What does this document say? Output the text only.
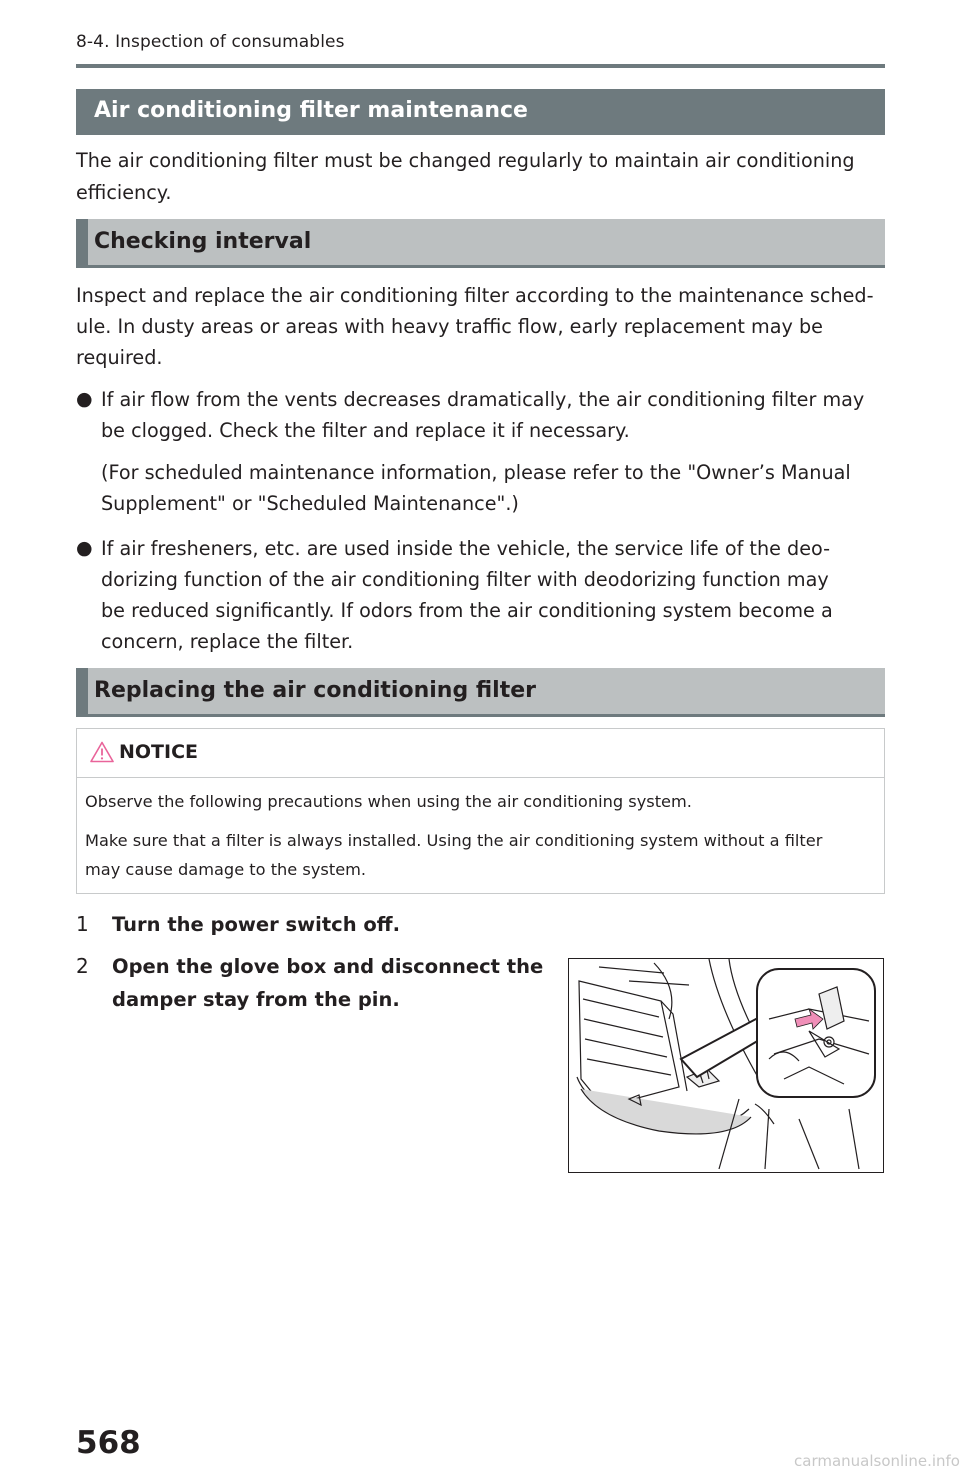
8-4. Inspection of consumables
Air conditioning filter maintenance
The air conditioning filter must be changed regularly to maintain air conditioning
efficiency.
Checking interval
Inspect and replace the air conditioning filter according to the maintenance sched-
ule. In dusty areas or areas with heavy traffic flow, early replacement may be
required.
● If air flow from the vents decreases dramatically, the air conditioning filter may
be clogged. Check the filter and replace it if necessary.
(For scheduled maintenance information, please refer to the "Owner’s Manual
Supplement" or "Scheduled Maintenance".)
● If air fresheners, etc. are used inside the vehicle, the service life of the deo-
dorizing function of the air conditioning filter with deodorizing function may
be reduced significantly. If odors from the air conditioning system become a
concern, replace the filter.
Replacing the air conditioning filter
NOTICE
Observe the following precautions when using the air conditioning system.
Make sure that a filter is always installed. Using the air conditioning system without a filter
may cause damage to the system.
1 Turn the power switch off.
2 Open the glove box and disconnect the
damper stay from the pin.
568	carmanualsonline.info
